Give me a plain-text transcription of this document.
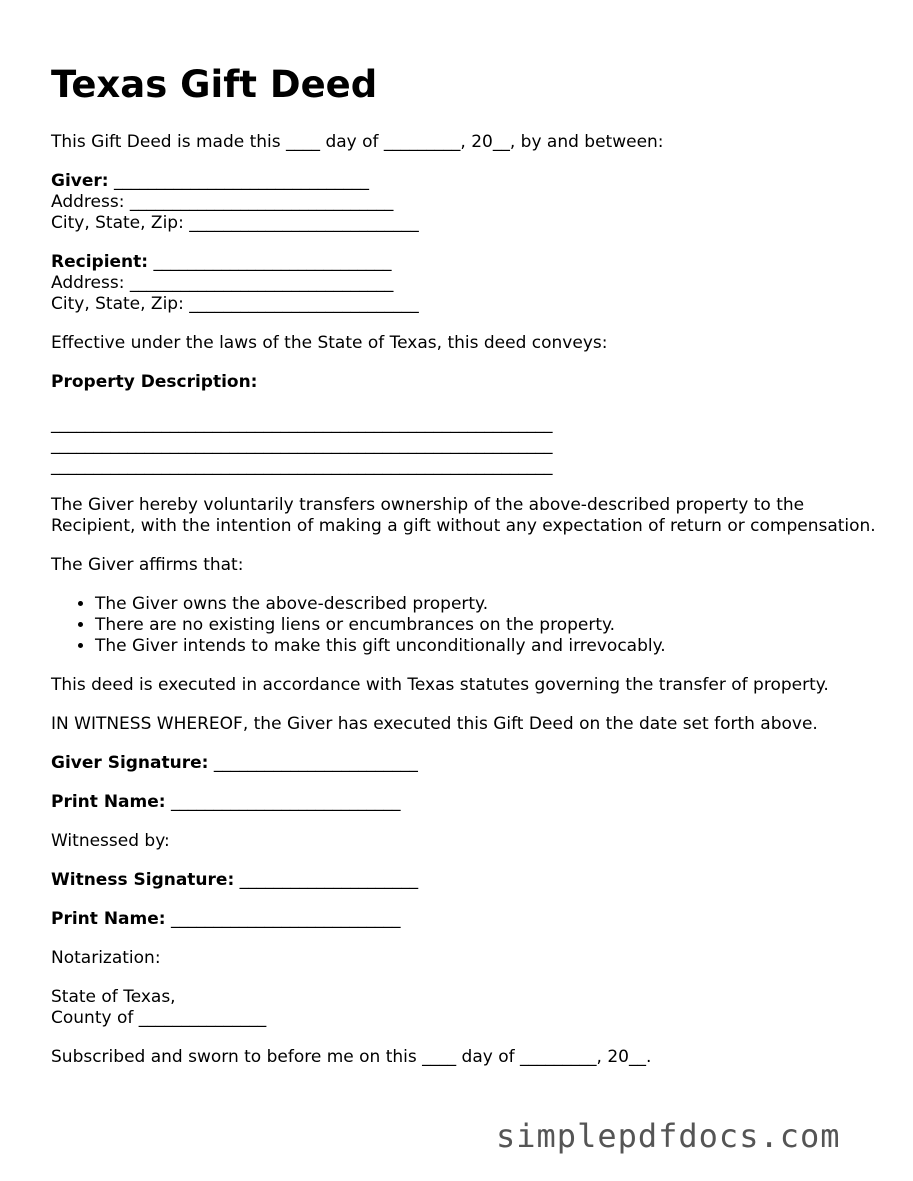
Texas Gift Deed

This Gift Deed is made this ____ day of _________, 20__, by and between:

Giver: ______________________________
Address: _______________________________
City, State, Zip: ___________________________
Recipient: ____________________________
Address: _______________________________
City, State, Zip: ___________________________

Effective under the laws of the State of Texas, this deed conveys:

Property Description:

___________________________________________________________
___________________________________________________________
___________________________________________________________

The Giver hereby voluntarily transfers ownership of the above-described property to the Recipient, with the intention of making a gift without any expectation of return or compensation.

The Giver affirms that:

• The Giver owns the above-described property.
• There are no existing liens or encumbrances on the property.
• The Giver intends to make this gift unconditionally and irrevocably.

This deed is executed in accordance with Texas statutes governing the transfer of property.

IN WITNESS WHEREOF, the Giver has executed this Gift Deed on the date set forth above.

Giver Signature: ________________________

Print Name: ___________________________

Witnessed by:

Witness Signature: _____________________

Print Name: ___________________________

Notarization:

State of Texas,
County of _______________

Subscribed and sworn to before me on this ____ day of _________, 20__.

simplepdfdocs.com
